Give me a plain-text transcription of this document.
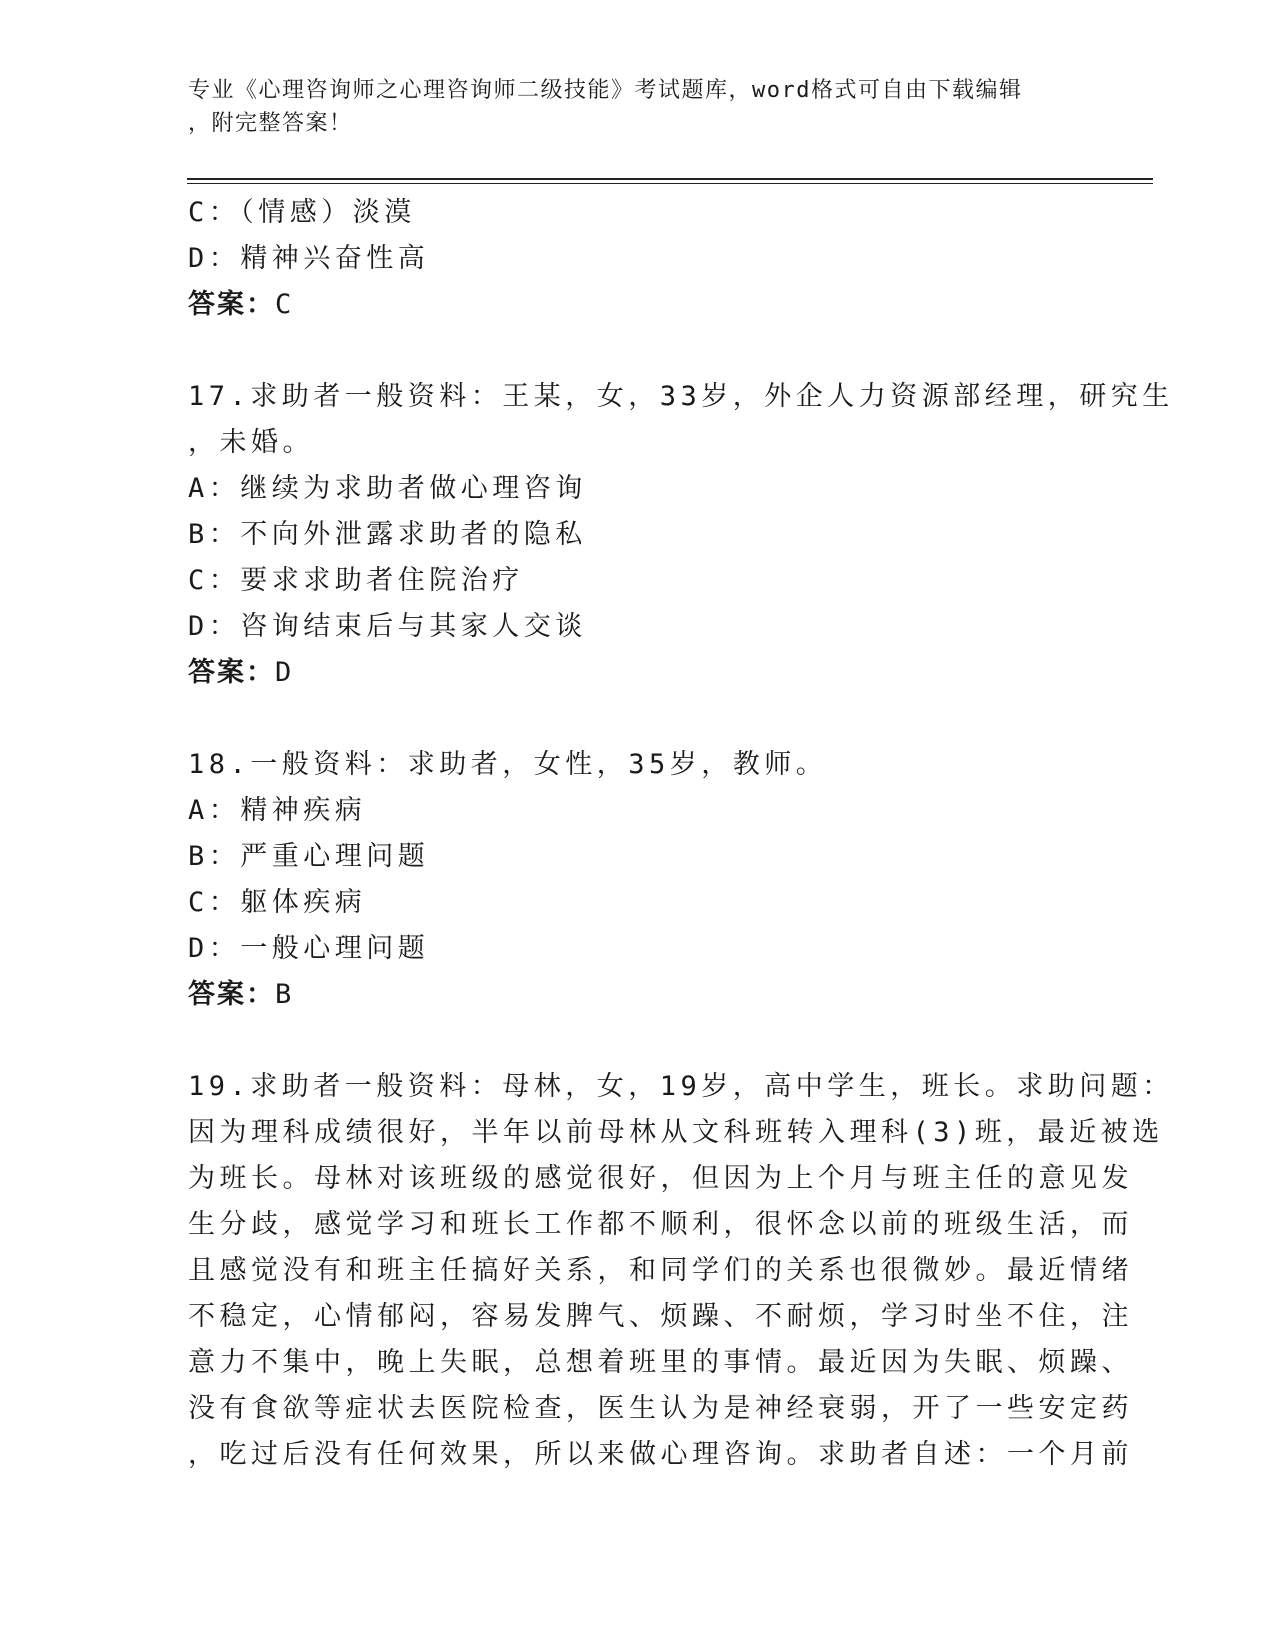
专业《心理咨询师之心理咨询师二级技能》考试题库，word格式可自由下载编辑
，附完整答案！
C：（情感）淡漠
D：精神兴奋性高
答案：C
17.求助者一般资料：王某，女，33岁，外企人力资源部经理，研究生
，未婚。
A：继续为求助者做心理咨询
B：不向外泄露求助者的隐私
C：要求求助者住院治疗
D：咨询结束后与其家人交谈
答案：D
18.一般资料：求助者，女性，35岁，教师。
A：精神疾病
B：严重心理问题
C：躯体疾病
D：一般心理问题
答案：B
19.求助者一般资料：母林，女，19岁，高中学生，班长。求助问题：
因为理科成绩很好，半年以前母林从文科班转入理科(3)班，最近被选
为班长。母林对该班级的感觉很好，但因为上个月与班主任的意见发
生分歧，感觉学习和班长工作都不顺利，很怀念以前的班级生活，而
且感觉没有和班主任搞好关系，和同学们的关系也很微妙。最近情绪
不稳定，心情郁闷，容易发脾气、烦躁、不耐烦，学习时坐不住，注
意力不集中，晚上失眠，总想着班里的事情。最近因为失眠、烦躁、
没有食欲等症状去医院检查，医生认为是神经衰弱，开了一些安定药
，吃过后没有任何效果，所以来做心理咨询。求助者自述：一个月前
